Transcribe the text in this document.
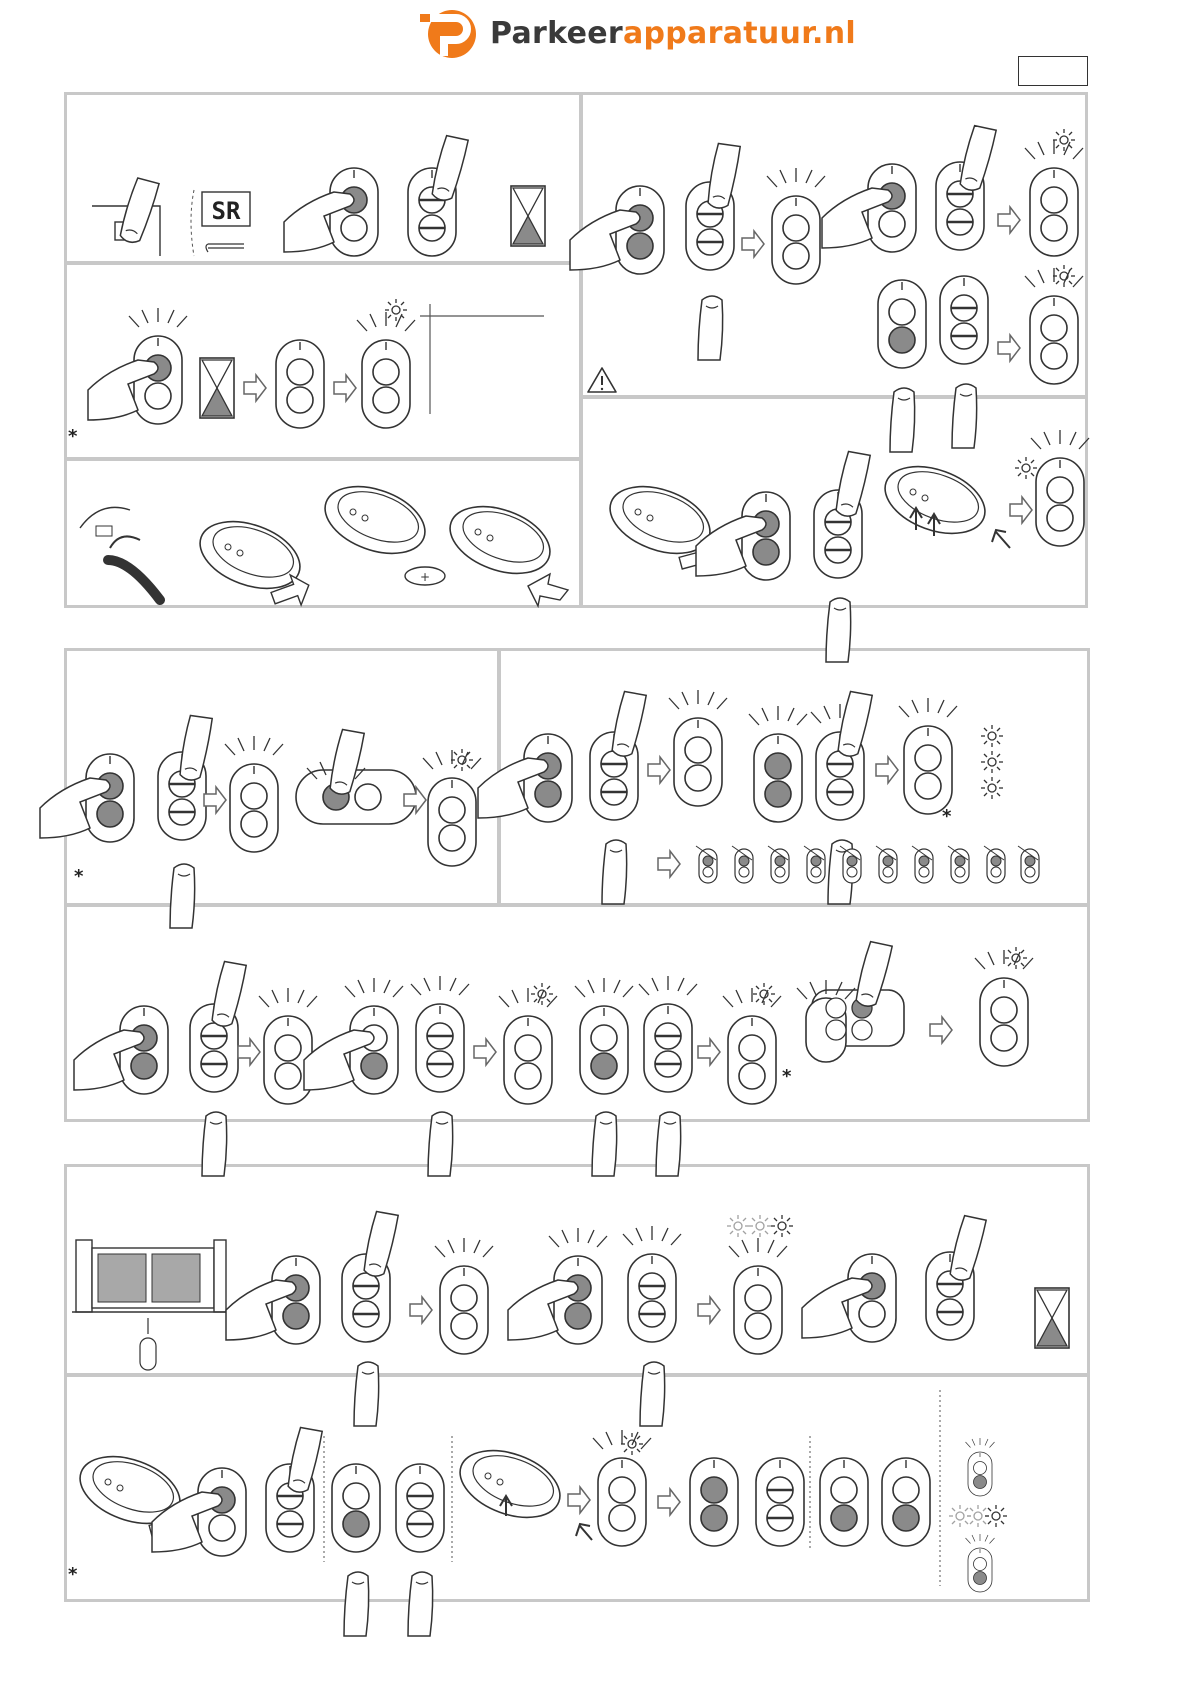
Parkeerapparatuur.nl
SR
+
*
*
*
*
*
